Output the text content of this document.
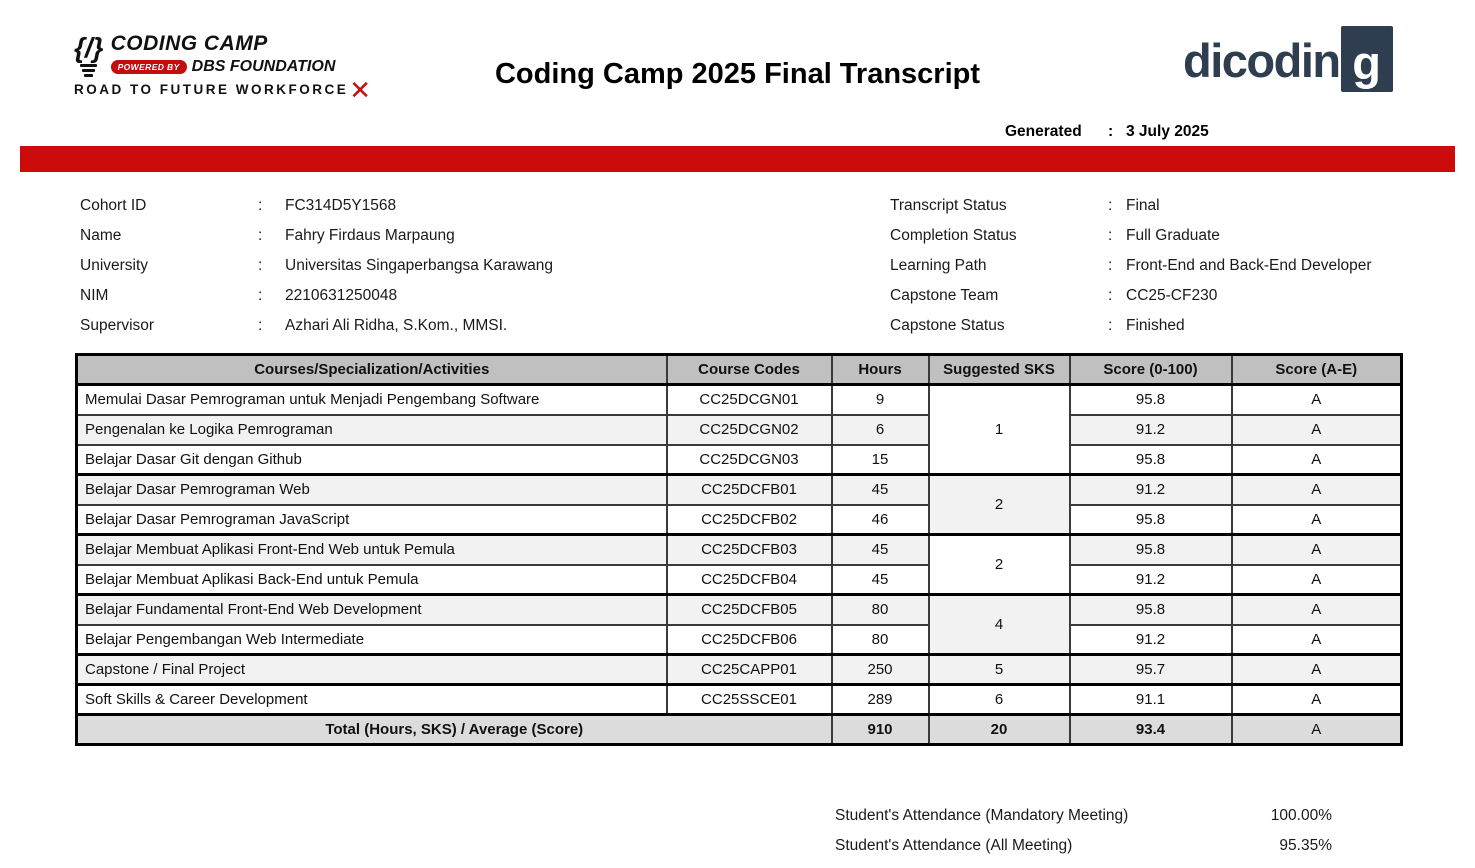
{/} CODING CAMP
POWERED BY DBS FOUNDATION
ROAD TO FUTURE WORKFORCE ✕	Coding Camp 2025 Final Transcript	dicodin g
Generated	: 3 July 2025
Cohort ID	:	FC314D5Y1568
Name	:	Fahry Firdaus Marpaung
University	:	Universitas Singaperbangsa Karawang
NIM	:	2210631250048
Supervisor	:	Azhari Ali Ridha, S.Kom., MMSI.
Transcript Status	: Final
Completion Status	: Full Graduate
Learning Path	: Front-End and Back-End Developer
Capstone Team	: CC25-CF230
Capstone Status	: Finished
Courses/Specialization/Activities	Course Codes	Hours	Suggested SKS	Score (0-100)	Score (A-E)
Memulai Dasar Pemrograman untuk Menjadi Pengembang Software	CC25DCGN01	9	1	95.8	A
Pengenalan ke Logika Pemrograman	CC25DCGN02	6		91.2	A
Belajar Dasar Git dengan Github	CC25DCGN03	15		95.8	A
Belajar Dasar Pemrograman Web	CC25DCFB01	45	2	91.2	A
Belajar Dasar Pemrograman JavaScript	CC25DCFB02	46		95.8	A
Belajar Membuat Aplikasi Front-End Web untuk Pemula	CC25DCFB03	45	2	95.8	A
Belajar Membuat Aplikasi Back-End untuk Pemula	CC25DCFB04	45		91.2	A
Belajar Fundamental Front-End Web Development	CC25DCFB05	80	4	95.8	A
Belajar Pengembangan Web Intermediate	CC25DCFB06	80		91.2	A
Capstone / Final Project	CC25CAPP01	250	5	95.7	A
Soft Skills & Career Development	CC25SSCE01	289	6	91.1	A
Total (Hours, SKS) / Average (Score)		910	20	93.4	A
Student's Attendance (Mandatory Meeting)	100.00%
Student's Attendance (All Meeting)	95.35%
